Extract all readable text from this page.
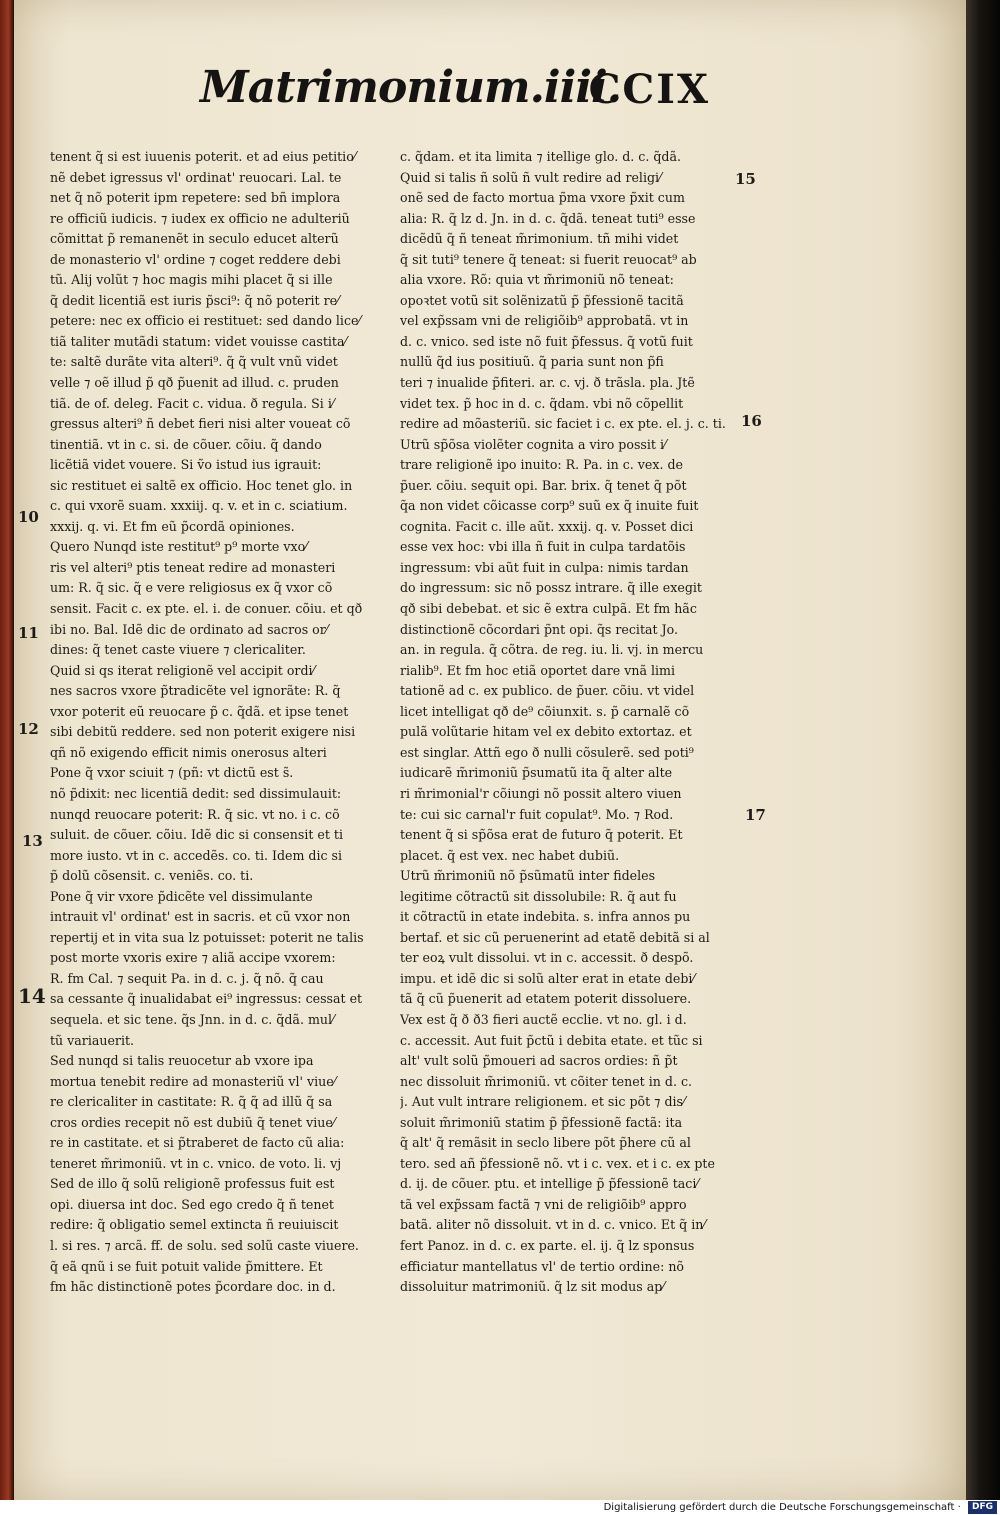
Matrimonium.iiii.
CCIX
tenent q̃ si est iuuenis poterit. et ad eius petitio⁄
nẽ debet igressus vl' ordinat' reuocari. Lal. te
net q̃ nõ poterit ipm repetere: sed bñ implora
re officiũ iudicis. ⁊ iudex ex officio ne adulteriũ
cõmittat p̃ remanenẽt in seculo educet alterũ
de monasterio vl' ordine ⁊ coget reddere debi
tũ. Alij volũt ⁊ hoc magis mihi placet q̃ si ille
q̃ dedit licentiã est iuris p̃sci⁹: q̃ nõ poterit re⁄
petere: nec ex officio ei restituet: sed dando lice⁄
tiã taliter mutãdi statum: videt vouisse castita⁄
te: saltẽ durãte vita alteri⁹. q̃ q̃ vult vnũ videt
velle ⁊ oẽ illud p̃ qð p̃uenit ad illud. c. pruden
tiã. de of. deleg. Facit c. vidua. ð regula. Si i⁄
gressus alteri⁹ ñ debet fieri nisi alter voueat cõ
tinentiã. vt in c. si. de cõuer. cõiu. q̃ dando
licẽtiã videt vouere. Si ṽo istud ius igrauit:
sic restituet ei saltẽ ex officio. Hoc tenet glo. in
c. qui vxorẽ suam. xxxiij. q. v. et in c. sciatium.
xxxij. q. vi. Et fm eũ p̃cordã opiniones.
Quero Nunqd iste restitut⁹ p⁹ morte vxo⁄
ris vel alteri⁹ ptis teneat redire ad monasteri
um: R. q̃ sic. q̃ e vere religiosus ex q̃ vxor cõ
sensit. Facit c. ex pte. el. i. de conuer. cõiu. et qð
ibi no. Bal. Idẽ dic de ordinato ad sacros or⁄
dines: q̃ tenet caste viuere ⁊ clericaliter.
Quid si qs iterat religionẽ vel accipit ordi⁄
nes sacros vxore p̃tradicẽte vel ignorãte: R. q̃
vxor poterit eũ reuocare p̃ c. q̃dã. et ipse tenet
sibi debitũ reddere. sed non poterit exigere nisi
qñ nõ exigendo efficit nimis onerosus alteri
Pone q̃ vxor sciuit ⁊ (pñ: vt dictũ est s̃.
nõ p̃dixit: nec licentiã dedit: sed dissimulauit:
nunqd reuocare poterit: R. q̃ sic. vt no. i c. cõ
suluit. de cõuer. cõiu. Idẽ dic si consensit et ti
more iusto. vt in c. accedẽs. co. ti. Idem dic si
p̃ dolũ cõsensit. c. veniẽs. co. ti.
Pone q̃ vir vxore p̃dicẽte vel dissimulante
intrauit vl' ordinat' est in sacris. et cũ vxor non
repertij et in vita sua lz potuisset: poterit ne talis
post morte vxoris exire ⁊ aliã accipe vxorem:
R. fm Cal. ⁊ sequit Pa. in d. c. j. q̃ nõ. q̃ cau
sa cessante q̃ inualidabat ei⁹ ingressus: cessat et
sequela. et sic tene. q̃s Jnn. in d. c. q̃dã. mul⁄
tũ variauerit.
Sed nunqd si talis reuocetur ab vxore ipa
mortua tenebit redire ad monasteriũ vl' viue⁄
re clericaliter in castitate: R. q̃ q̃ ad illũ q̃ sa
cros ordies recepit nõ est dubiũ q̃ tenet viue⁄
re in castitate. et si p̃traberet de facto cũ alia:
teneret m̃rimoniũ. vt in c. vnico. de voto. li. vj
Sed de illo q̃ solũ religionẽ professus fuit est
opi. diuersa int doc. Sed ego credo q̃ ñ tenet
redire: q̃ obligatio semel extincta ñ reuiuiscit
l. si res. ⁊ arcã. ff. de solu. sed solũ caste viuere.
q̃ eã qnũ i se fuit potuit valide p̃mittere. Et
fm hãc distinctionẽ potes p̃cordare doc. in d.
c. q̃dam. et ita limita ⁊ itellige glo. d. c. q̃dã.
Quid si talis ñ solũ ñ vult redire ad religi⁄
onẽ sed de facto mortua p̃ma vxore p̃xit cum
alia: R. q̃ lz d. Jn. in d. c. q̃dã. teneat tuti⁹ esse
dicẽdũ q̃ ñ teneat m̃rimonium. tñ mihi videt
q̃ sit tuti⁹ tenere q̃ teneat: si fuerit reuocat⁹ ab
alia vxore. Rõ: quia vt m̃rimoniũ nõ teneat:
opoꝛtet votũ sit solẽnizatũ p̃ p̃fessionẽ tacitã
vel exp̃ssam vni de religiõib⁹ approbatã. vt in
d. c. vnico. sed iste nõ fuit p̃fessus. q̃ votũ fuit
nullũ q̃d ius positiuũ. q̃ paria sunt non p̃fi
teri ⁊ inualide p̃fiteri. ar. c. vj. ð trãsla. pla. Jtẽ
videt tex. p̃ hoc in d. c. q̃dam. vbi nõ cõpellit
redire ad mõasteriũ. sic faciet i c. ex pte. el. j. c. ti.
Utrũ sp̃õsa violẽter cognita a viro possit i⁄
trare religionẽ ipo inuito: R. Pa. in c. vex. de
p̃uer. cõiu. sequit opi. Bar. brix. q̃ tenet q̃ põt
q̃a non videt cõicasse corp⁹ suũ ex q̃ inuite fuit
cognita. Facit c. ille aũt. xxxij. q. v. Posset dici
esse vex hoc: vbi illa ñ fuit in culpa tardatõis
ingressum: vbi aũt fuit in culpa: nimis tardan
do ingressum: sic nõ possz intrare. q̃ ille exegit
qð sibi debebat. et sic ẽ extra culpã. Et fm hãc
distinctionẽ cõcordari p̃nt opi. q̃s recitat Jo.
an. in regula. q̃ cõtra. de reg. iu. li. vj. in mercu
rialib⁹. Et fm hoc etiã oportet dare vnã limi
tationẽ ad c. ex publico. de p̃uer. cõiu. vt videl
licet intelligat qð de⁹ cõiunxit. s. p̃ carnalẽ cõ
pulã volũtarie hitam vel ex debito extortaz. et
est singlar. Attñ ego ð nulli cõsulerẽ. sed poti⁹
iudicarẽ m̃rimoniũ p̃sumatũ ita q̃ alter alte
ri m̃rimonial'r cõiungi nõ possit altero viuen
te: cui sic carnal'r fuit copulat⁹. Mo. ⁊ Rod.
tenent q̃ si sp̃õsa erat de futuro q̃ poterit. Et
placet. q̃ est vex. nec habet dubiũ.
Utrũ m̃rimoniũ nõ p̃sũmatũ inter fideles
legitime cõtractũ sit dissolubile: R. q̃ aut fu
it cõtractũ in etate indebita. s. infra annos pu
bertaf. et sic cũ peruenerint ad etatẽ debitã si al
ter eoꝝ vult dissolui. vt in c. accessit. ð despõ.
impu. et idẽ dic si solũ alter erat in etate debi⁄
tã q̃ cũ p̃uenerit ad etatem poterit dissoluere.
Vex est q̃ ð ð3 fieri auctẽ ecclie. vt no. gl. i d.
c. accessit. Aut fuit p̃ctũ i debita etate. et tũc si
alt' vult solũ p̃moueri ad sacros ordies: ñ p̃t
nec dissoluit m̃rimoniũ. vt cõiter tenet in d. c.
j. Aut vult intrare religionem. et sic põt ⁊ dis⁄
soluit m̃rimoniũ statim p̃ p̃fessionẽ factã: ita
q̃ alt' q̃ remãsit in seclo libere põt p̃here cũ al
tero. sed añ p̃fessionẽ nõ. vt i c. vex. et i c. ex pte
d. ij. de cõuer. ptu. et intellige p̃ p̃fessionẽ taci⁄
tã vel exp̃ssam factã ⁊ vni de religiõib⁹ appro
batã. aliter nõ dissoluit. vt in d. c. vnico. Et q̃ in⁄
fert Panoz. in d. c. ex parte. el. ij. q̃ lz sponsus
efficiatur mantellatus vl' de tertio ordine: nõ
dissoluitur matrimoniũ. q̃ lz sit modus ap⁄
10
11
12
13
14
15
16
17
Digitalisierung gefördert durch die Deutsche Forschungsgemeinschaft · DFG
